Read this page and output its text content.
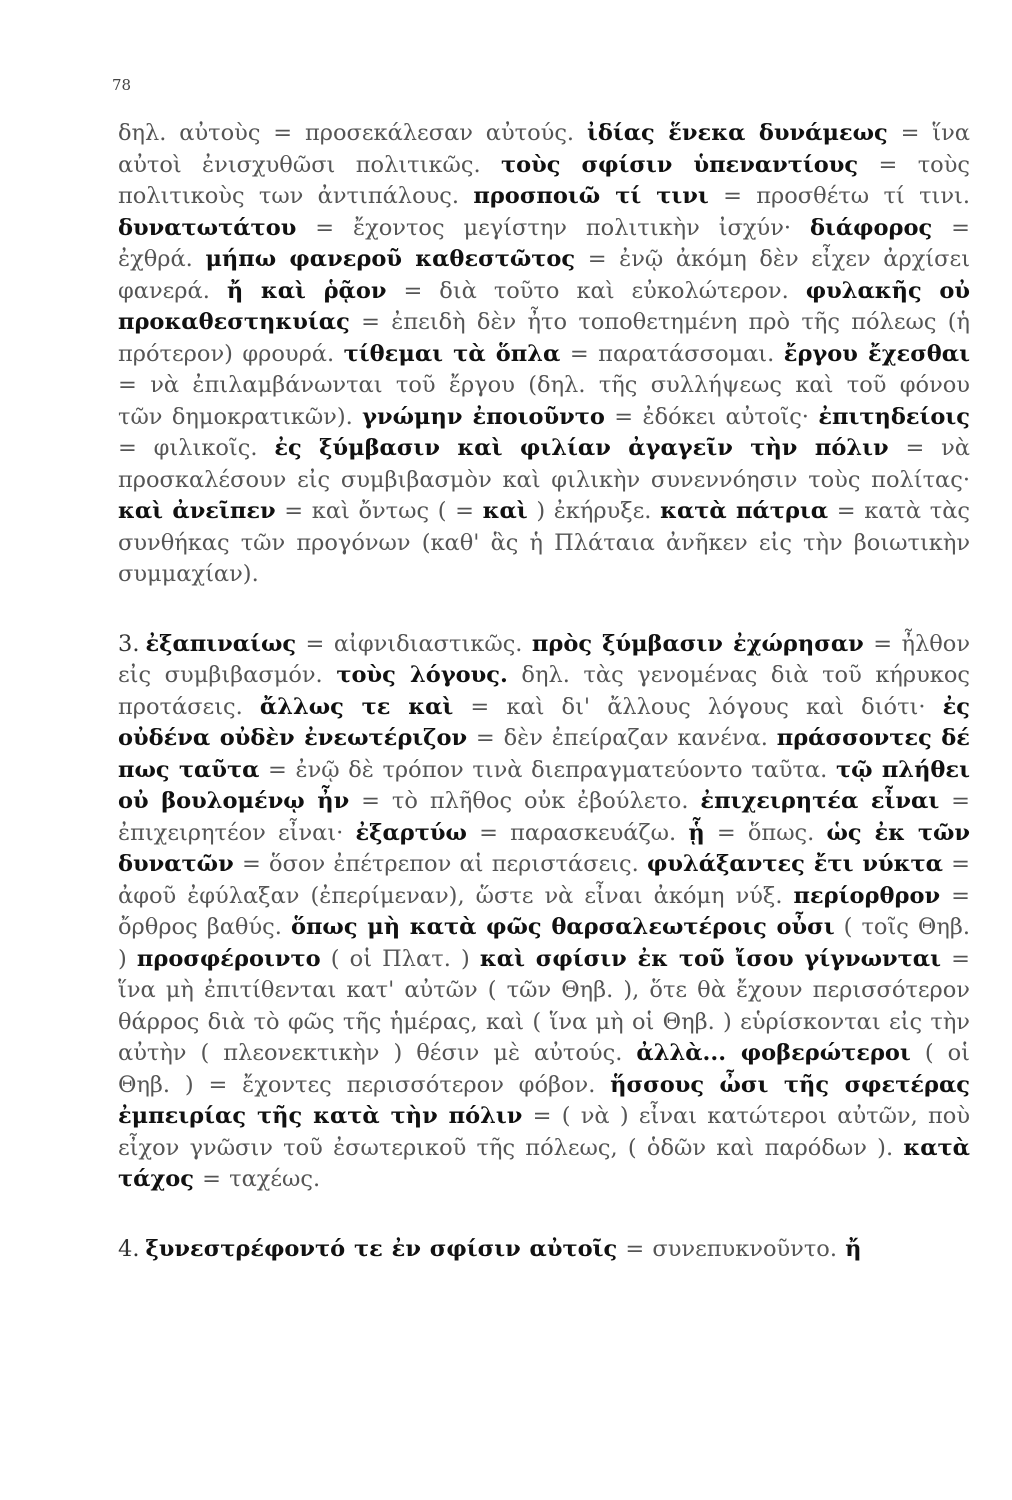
78

δηλ. αὐτοὺς = προσεκάλεσαν αὐτούς. ἰδίας ἕνεκα δυνάμεως = ἵνα αὐτοὶ ἐνισχυθῶσι πολιτικῶς. τοὺς σφίσιν ὑπεναντίους = τοὺς πολιτικοὺς των ἀντιπάλους. προσποιῶ τί τινι = προσθέτω τί τινι. δυνατωτάτου = ἔχοντος μεγίστην πολιτικὴν ἰσχύν· διάφορος = ἐχθρά. μήπω φανεροῦ καθεστῶτος = ἐνῷ ἀκόμη δὲν εἶχεν ἀρχίσει φανερά. ἤ καὶ ῥᾷον = διὰ τοῦτο καὶ εὐκολώτερον. φυλακῆς οὐ προκαθεστηκυίας = ἐπειδὴ δὲν ἦτο τοποθετημένη πρὸ τῆς πόλεως (ἡ πρότερον) φρουρά. τίθεμαι τὰ ὅπλα = παρατάσσομαι. ἔργου ἔχεσθαι = νὰ ἐπιλαμβάνωνται τοῦ ἔργου (δηλ. τῆς συλλήψεως καὶ τοῦ φόνου τῶν δημοκρατικῶν). γνώμην ἐποιοῦντο = ἐδόκει αὐτοῖς· ἐπιτηδείοις = φιλικοῖς. ἐς ξύμβασιν καὶ φιλίαν ἀγαγεῖν τὴν πόλιν = νὰ προσκαλέσουν εἰς συμβιβασμὸν καὶ φιλικὴν συνεννόησιν τοὺς πολίτας· καὶ ἀνεῖπεν = καὶ ὄντως ( = καὶ ) ἐκήρυξε. κατὰ πάτρια = κατὰ τὰς συνθήκας τῶν προγόνων (καθ' ἃς ἡ Πλάταια ἀνῆκεν εἰς τὴν βοιωτικὴν συμμαχίαν).

3. ἐξαπιναίως = αἰφνιδιαστικῶς. πρὸς ξύμβασιν ἐχώρησαν = ἦλθον εἰς συμβιβασμόν. τοὺς λόγους. δηλ. τὰς γενομένας διὰ τοῦ κήρυκος προτάσεις. ἄλλως τε καὶ = καὶ δι' ἄλλους λόγους καὶ διότι· ἐς οὐδένα οὐδὲν ἐνεωτέριζον = δὲν ἐπείραζαν κανένα. πράσσοντες δέ πως ταῦτα = ἐνῷ δὲ τρόπον τινὰ διεπραγματεύοντο ταῦτα. τῷ πλήθει οὐ βουλομένῳ ἦν = τὸ πλῆθος οὐκ ἐβούλετο. ἐπιχειρητέα εἶναι = ἐπιχειρητέον εἶναι· ἐξαρτύω = παρασκευάζω. ᾗ = ὅπως. ὡς ἐκ τῶν δυνατῶν = ὅσον ἐπέτρεπον αἱ περιστάσεις. φυλάξαντες ἔτι νύκτα = ἀφοῦ ἐφύλαξαν (ἐπερίμεναν), ὥστε νὰ εἶναι ἀκόμη νύξ. περίορθρον = ὄρθρος βαθύς. ὅπως μὴ κατὰ φῶς θαρσαλεωτέροις οὖσι ( τοῖς Θηβ. ) προσφέροιντο ( οἱ Πλατ. ) καὶ σφίσιν ἐκ τοῦ ἴσου γίγνωνται = ἵνα μὴ ἐπιτίθενται κατ' αὐτῶν ( τῶν Θηβ. ), ὅτε θὰ ἔχουν περισσότερον θάρρος διὰ τὸ φῶς τῆς ἡμέρας, καὶ ( ἵνα μὴ οἱ Θηβ. ) εὑρίσκονται εἰς τὴν αὐτὴν ( πλεονεκτικὴν ) θέσιν μὲ αὐτούς. ἀλλὰ... φοβερώτεροι ( οἱ Θηβ. ) = ἔχοντες περισσότερον φόβον. ἥσσους ὦσι τῆς σφετέρας ἐμπειρίας τῆς κατὰ τὴν πόλιν = ( νὰ ) εἶναι κατώτεροι αὐτῶν, ποὺ εἶχον γνῶσιν τοῦ ἐσωτερικοῦ τῆς πόλεως, ( ὁδῶν καὶ παρόδων ). κατὰ τάχος = ταχέως.

4. ξυνεστρέφοντό τε ἐν σφίσιν αὐτοῖς = συνεπυκνοῦντο. ἤ
